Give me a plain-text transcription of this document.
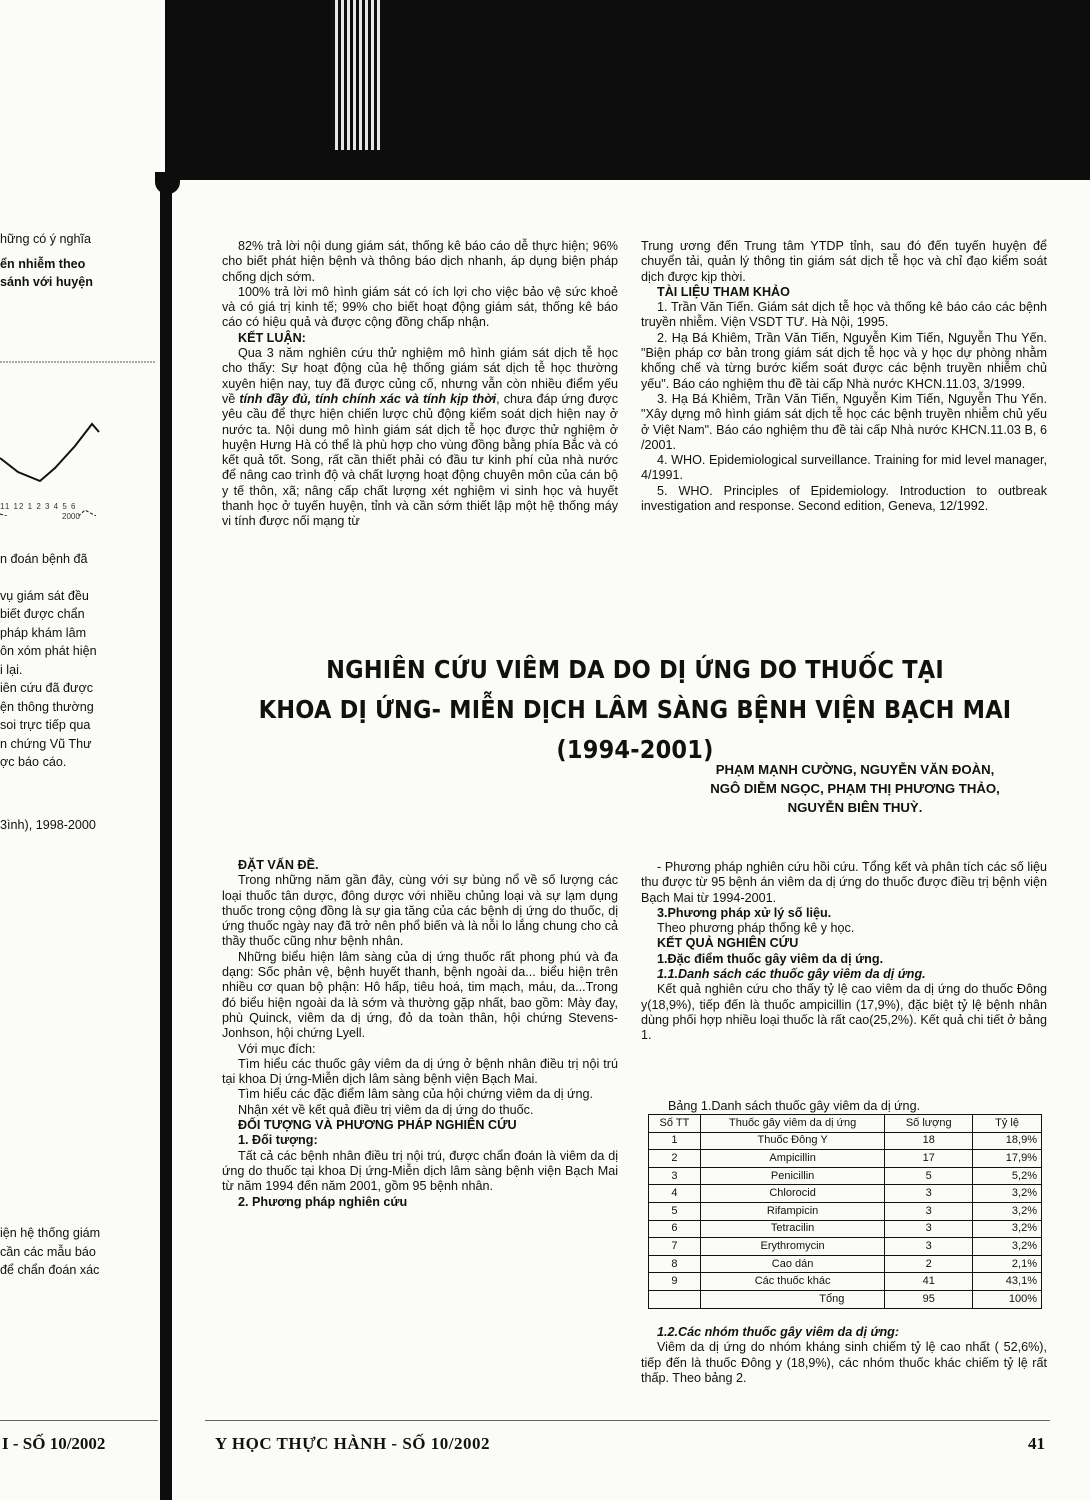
hững có ý nghĩa

ển nhiễm theo

sánh với huyện

11 12 1 2 3 4 5 6
2000

n đoán bệnh đã

vụ giám sát đều

biết được chẩn

pháp khám lâm

ôn xóm phát hiện

i lại.

iên cứu đã được

ện thông thường

soi trực tiếp qua

n chứng Vũ Thư

ợc báo cáo.

3ình), 1998-2000

iện hệ thống giám

cần các mẫu báo

để chẩn đoán xác

I - SỐ 10/2002

82% trả lời nội dung giám sát, thống kê báo cáo dễ thực hiện; 96% cho biết phát hiện bệnh và thông báo dịch nhanh, áp dụng biện pháp chống dịch sớm.

100% trả lời mô hình giám sát có ích lợi cho việc bảo vệ sức khoẻ và có giá trị kinh tế; 99% cho biết hoạt động giám sát, thống kê báo cáo có hiệu quả và được cộng đồng chấp nhận.

KẾT LUẬN:

Qua 3 năm nghiên cứu thử nghiệm mô hình giám sát dịch tễ học cho thấy: Sự hoạt động của hệ thống giám sát dịch tễ học thường xuyên hiện nay, tuy đã được củng cố, nhưng vẫn còn nhiều điểm yếu về tính đầy đủ, tính chính xác và tính kịp thời, chưa đáp ứng được yêu cầu để thực hiện chiến lược chủ động kiểm soát dịch hiện nay ở nước ta. Nội dung mô hình giám sát dịch tễ học được thử nghiệm ở huyện Hưng Hà có thể là phù hợp cho vùng đồng bằng phía Bắc và có kết quả tốt. Song, rất cần thiết phải có đầu tư kinh phí của nhà nước để nâng cao trình độ và chất lượng hoạt động chuyên môn của cán bộ y tế thôn, xã; nâng cấp chất lượng xét nghiệm vi sinh học và huyết thanh học ở tuyến huyện, tỉnh và cần sớm thiết lập một hệ thống máy vi tính được nối mạng từ

Trung ương đến Trung tâm YTDP tỉnh, sau đó đến tuyến huyện để chuyển tải, quản lý thông tin giám sát dịch tễ học và chỉ đạo kiểm soát dịch được kịp thời.

TÀI LIỆU THAM KHẢO

1. Trần Văn Tiến. Giám sát dịch tễ học và thống kê báo cáo các bệnh truyền nhiễm. Viện VSDT TƯ. Hà Nội, 1995.

2. Hạ Bá Khiêm, Trần Văn Tiến, Nguyễn Kim Tiến, Nguyễn Thu Yến. "Biện pháp cơ bản trong giám sát dịch tễ học và y học dự phòng nhằm khống chế và từng bước kiểm soát được các bệnh truyền nhiễm chủ yếu". Báo cáo nghiệm thu đề tài cấp Nhà nước KHCN.11.03, 3/1999.

3. Hạ Bá Khiêm, Trần Văn Tiến, Nguyễn Kim Tiến, Nguyễn Thu Yến. "Xây dựng mô hình giám sát dịch tễ học các bệnh truyền nhiễm chủ yếu ở Việt Nam". Báo cáo nghiệm thu đề tài cấp Nhà nước KHCN.11.03 B, 6 /2001.

4. WHO. Epidemiological surveillance. Training for mid level manager, 4/1991.

5. WHO. Principles of Epidemiology. Introduction to outbreak investigation and response. Second edition, Geneva, 12/1992.

NGHIÊN CỨU VIÊM DA DO DỊ ỨNG DO THUỐC TẠI
KHOA DỊ ỨNG- MIỄN DỊCH LÂM SÀNG BỆNH VIỆN BẠCH MAI (1994-2001)
PHẠM MẠNH CƯỜNG, NGUYỄN VĂN ĐOÀN,
NGÔ DIỄM NGỌC, PHẠM THỊ PHƯƠNG THẢO,
NGUYỄN BIÊN THUỲ.

ĐẶT VẤN ĐỀ.

Trong những năm gần đây, cùng với sự bùng nổ về số lượng các loại thuốc tân dược, đông dược với nhiều chủng loại và sự lạm dụng thuốc trong cộng đồng là sự gia tăng của các bệnh dị ứng do thuốc, dị ứng thuốc ngày nay đã trở nên phổ biến và là nỗi lo lắng chung cho cả thầy thuốc cũng như bệnh nhân.

Những biểu hiện lâm sàng của dị ứng thuốc rất phong phú và đa dạng: Sốc phản vệ, bệnh huyết thanh, bệnh ngoài da... biểu hiện trên nhiều cơ quan bộ phận: Hô hấp, tiêu hoá, tim mạch, máu, da...Trong đó biểu hiện ngoài da là sớm và thường gặp nhất, bao gồm: Mày đay, phù Quinck, viêm da dị ứng, đỏ da toàn thân, hội chứng Stevens-Jonhson, hội chứng Lyell.

Với mục đích:

Tìm hiểu các thuốc gây viêm da dị ứng ở bệnh nhân điều trị nội trú tại khoa Dị ứng-Miễn dịch lâm sàng bệnh viện Bạch Mai.

Tìm hiểu các đặc điểm lâm sàng của hội chứng viêm da dị ứng.

Nhận xét về kết quả điều trị viêm da dị ứng do thuốc.

ĐỐI TƯỢNG VÀ PHƯƠNG PHÁP NGHIÊN CỨU

1. Đối tượng:

Tất cả các bệnh nhân điều trị nội trú, được chẩn đoán là viêm da dị ứng do thuốc tại khoa Dị ứng-Miễn dịch lâm sàng bệnh viện Bạch Mai từ năm 1994 đến năm 2001, gồm 95 bệnh nhân.

2. Phương pháp nghiên cứu

- Phương pháp nghiên cứu hồi cứu. Tổng kết và phân tích các số liệu thu được từ 95 bệnh án viêm da dị ứng do thuốc được điều trị bệnh viện Bạch Mai từ 1994-2001.

3.Phương pháp xử lý số liệu.

Theo phương pháp thống kê y học.

KẾT QUẢ NGHIÊN CỨU

1.Đặc điểm thuốc gây viêm da dị ứng.

1.1.Danh sách các thuốc gây viêm da dị ứng.

Kết quả nghiên cứu cho thấy tỷ lệ cao viêm da dị ứng do thuốc Đông y(18,9%), tiếp đến là thuốc ampicillin (17,9%), đặc biệt tỷ lệ bệnh nhân dùng phối hợp nhiều loại thuốc là rất cao(25,2%). Kết quả chi tiết ở bảng 1.

Bảng 1.Danh sách thuốc gây viêm da dị ứng.
Số TT	Thuốc gây viêm da dị ứng	Số lượng	Tỷ lệ
1	Thuốc Đông Y	18	18,9%
2	Ampicillin	17	17,9%
3	Penicillin	5	5,2%
4	Chlorocid	3	3,2%
5	Rifampicin	3	3,2%
6	Tetracilin	3	3,2%
7	Erythromycin	3	3,2%
8	Cao dán	2	2,1%
9	Các thuốc khác	41	43,1%
	Tổng	95	100%

1.2.Các nhóm thuốc gây viêm da dị ứng:

Viêm da dị ứng do nhóm kháng sinh chiếm tỷ lệ cao nhất ( 52,6%), tiếp đến là thuốc Đông y (18,9%), các nhóm thuốc khác chiếm tỷ lệ rất thấp. Theo bảng 2.

Y HỌC THỰC HÀNH - SỐ 10/2002	41
